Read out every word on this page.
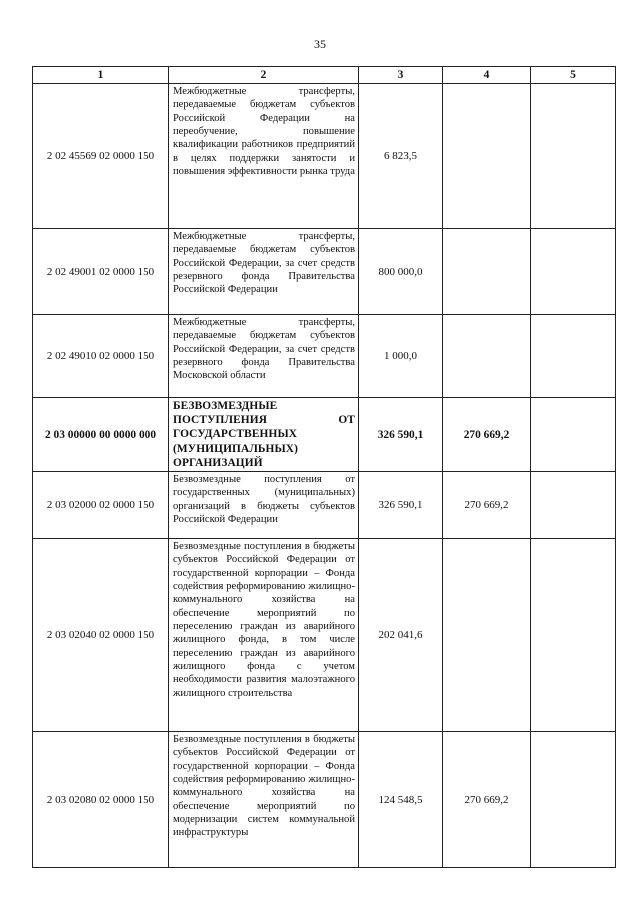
35
1	2	3	4	5
2 02 45569 02 0000 150	Межбюджетные трансферты, передаваемые бюджетам субъектов Российской Федерации на переобучение, повышение квалификации работников предприятий в целях поддержки занятости и повышения эффективности рынка труда	6 823,5		
2 02 49001 02 0000 150	Межбюджетные трансферты, передаваемые бюджетам субъектов Российской Федерации, за счет средств резервного фонда Правительства Российской Федерации	800 000,0		
2 02 49010 02 0000 150	Межбюджетные трансферты, передаваемые бюджетам субъектов Российской Федерации, за счет средств резервного фонда Правительства Московской области	1 000,0		
2 03 00000 00 0000 000	БЕЗВОЗМЕЗДНЫЕ ПОСТУПЛЕНИЯ ОТ ГОСУДАРСТВЕННЫХ (МУНИЦИПАЛЬНЫХ) ОРГАНИЗАЦИЙ	326 590,1	270 669,2	
2 03 02000 02 0000 150	Безвозмездные поступления от государственных (муниципальных) организаций в бюджеты субъектов Российской Федерации	326 590,1	270 669,2	
2 03 02040 02 0000 150	Безвозмездные поступления в бюджеты субъектов Российской Федерации от государственной корпорации – Фонда содействия реформированию жилищно-коммунального хозяйства на обеспечение мероприятий по переселению граждан из аварийного жилищного фонда, в том числе переселению граждан из аварийного жилищного фонда с учетом необходимости развития малоэтажного жилищного строительства	202 041,6		
2 03 02080 02 0000 150	Безвозмездные поступления в бюджеты субъектов Российской Федерации от государственной корпорации – Фонда содействия реформированию жилищно-коммунального хозяйства на обеспечение мероприятий по модернизации систем коммунальной инфраструктуры	124 548,5	270 669,2	
